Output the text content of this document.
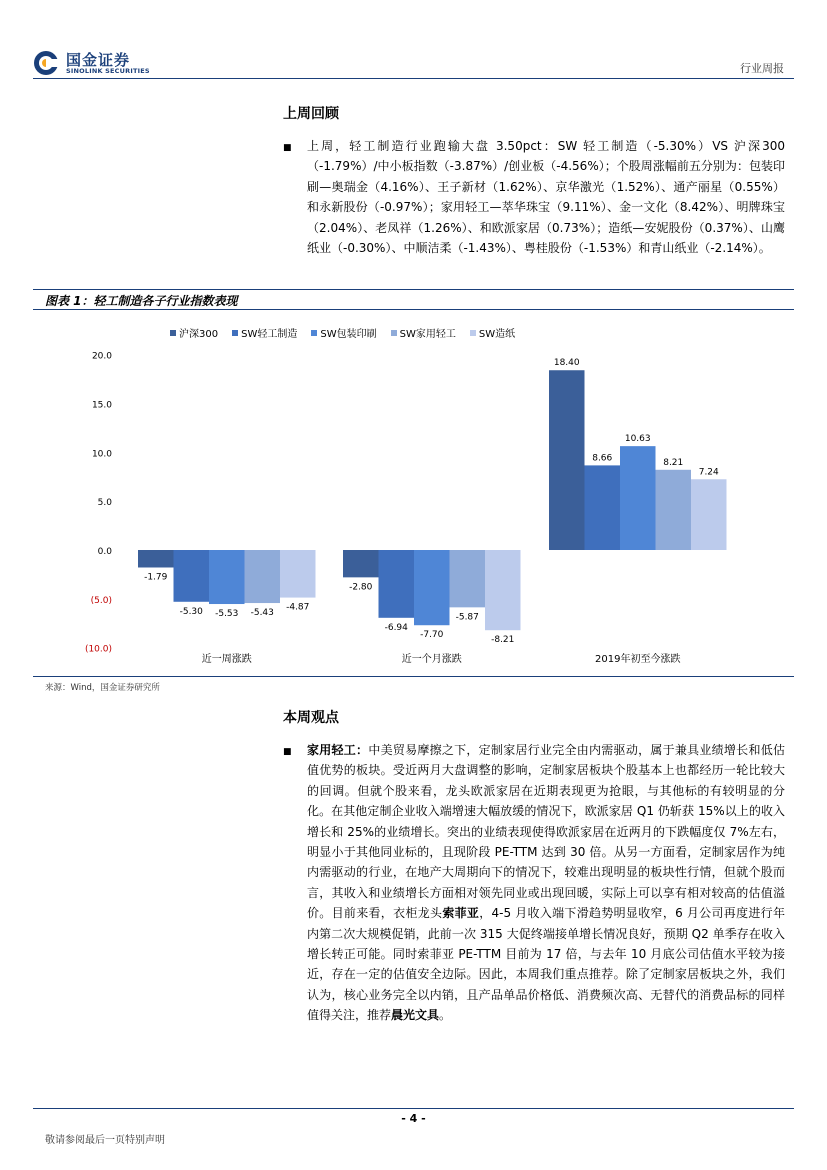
国金证券
SINOLINK SECURITIES	行业周报
上周回顾
■ 上周，轻工制造行业跑输大盘 3.50pct：SW 轻工制造（-5.30%）VS 沪深300（-1.79%）/中小板指数（-3.87%）/创业板（-4.56%）；个股周涨幅前五分别为：包装印刷—奥瑞金（4.16%）、王子新材（1.62%）、京华激光（1.52%）、通产丽星（0.55%）和永新股份（-0.97%）；家用轻工—萃华珠宝（9.11%）、金一文化（8.42%）、明牌珠宝（2.04%）、老凤祥（1.26%）、和欧派家居（0.73%）；造纸—安妮股份（0.37%）、山鹰纸业（-0.30%）、中顺洁柔（-1.43%）、粤桂股份（-1.53%）和青山纸业（-2.14%）。
图表 1：轻工制造各子行业指数表现
沪深300 SW轻工制造 SW包装印刷 SW家用轻工 SW造纸
20.0
15.0
10.0
5.0
0.0
(5.0)
(10.0)
-1.79
-2.80
18.40
-5.30
-6.94
8.66
-5.53
-7.70
10.63
-5.43	-5.87
8.21
-4.87
-8.21
7.24
近一周涨跌	近一个月涨跌	2019年初至今涨跌
来源：Wind，国金证券研究所
本周观点
■ 家用轻工：中美贸易摩擦之下，定制家居行业完全由内需驱动，属于兼具业绩增长和低估值优势的板块。受近两月大盘调整的影响，定制家居板块个股基本上也都经历一轮比较大的回调。但就个股来看，龙头欧派家居在近期表现更为抢眼，与其他标的有较明显的分化。在其他定制企业收入端增速大幅放缓的情况下，欧派家居 Q1 仍斩获 15%以上的收入增长和 25%的业绩增长。突出的业绩表现使得欧派家居在近两月的下跌幅度仅 7%左右，明显小于其他同业标的，且现阶段 PE-TTM 达到 30 倍。从另一方面看，定制家居作为纯内需驱动的行业，在地产大周期向下的情况下，较难出现明显的板块性行情，但就个股而言，其收入和业绩增长方面相对领先同业或出现回暖，实际上可以享有相对较高的估值溢价。目前来看，衣柜龙头索菲亚，4-5 月收入端下滑趋势明显收窄，6 月公司再度进行年内第二次大规模促销，此前一次 315 大促终端接单增长情况良好，预期 Q2 单季存在收入增长转正可能。同时索菲亚 PE-TTM 目前为 17 倍，与去年 10 月底公司估值水平较为接近，存在一定的估值安全边际。因此，本周我们重点推荐。除了定制家居板块之外，我们认为，核心业务完全以内销，且产品单品价格低、消费频次高、无替代的消费品标的同样值得关注，推荐晨光文具。
- 4 -
敬请参阅最后一页特别声明
